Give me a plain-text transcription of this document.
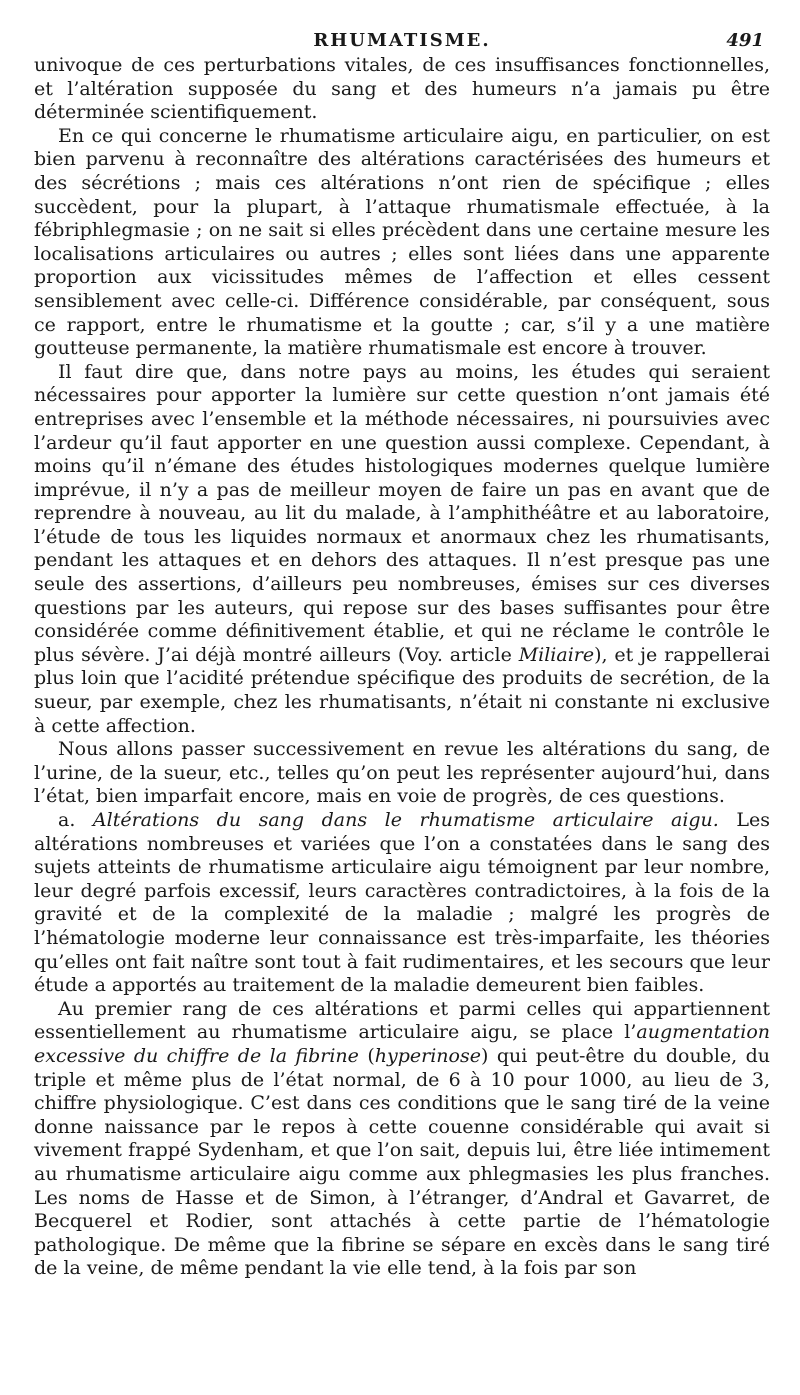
RHUMATISME.	491

univoque de ces perturbations vitales, de ces insuffisances fonctionnelles, et l’altération supposée du sang et des humeurs n’a jamais pu être déterminée scientifiquement.

En ce qui concerne le rhumatisme articulaire aigu, en particulier, on est bien parvenu à reconnaître des altérations caractérisées des humeurs et des sécrétions ; mais ces altérations n’ont rien de spécifique ; elles succèdent, pour la plupart, à l’attaque rhumatismale effectuée, à la fébriphlegmasie ; on ne sait si elles précèdent dans une certaine mesure les localisations articulaires ou autres ; elles sont liées dans une apparente proportion aux vicissitudes mêmes de l’affection et elles cessent sensiblement avec celle-ci. Différence considérable, par conséquent, sous ce rapport, entre le rhumatisme et la goutte ; car, s’il y a une matière goutteuse permanente, la matière rhumatismale est encore à trouver.

Il faut dire que, dans notre pays au moins, les études qui seraient nécessaires pour apporter la lumière sur cette question n’ont jamais été entreprises avec l’ensemble et la méthode nécessaires, ni poursuivies avec l’ardeur qu’il faut apporter en une question aussi complexe. Cependant, à moins qu’il n’émane des études histologiques modernes quelque lumière imprévue, il n’y a pas de meilleur moyen de faire un pas en avant que de reprendre à nouveau, au lit du malade, à l’amphithéâtre et au laboratoire, l’étude de tous les liquides normaux et anormaux chez les rhumatisants, pendant les attaques et en dehors des attaques. Il n’est presque pas une seule des assertions, d’ailleurs peu nombreuses, émises sur ces diverses questions par les auteurs, qui repose sur des bases suffisantes pour être considérée comme définitivement établie, et qui ne réclame le contrôle le plus sévère. J’ai déjà montré ailleurs (Voy. article Miliaire), et je rappellerai plus loin que l’acidité prétendue spécifique des produits de secrétion, de la sueur, par exemple, chez les rhumatisants, n’était ni constante ni exclusive à cette affection.

Nous allons passer successivement en revue les altérations du sang, de l’urine, de la sueur, etc., telles qu’on peut les représenter aujourd’hui, dans l’état, bien imparfait encore, mais en voie de progrès, de ces questions.

a. Altérations du sang dans le rhumatisme articulaire aigu. Les altérations nombreuses et variées que l’on a constatées dans le sang des sujets atteints de rhumatisme articulaire aigu témoignent par leur nombre, leur degré parfois excessif, leurs caractères contradictoires, à la fois de la gravité et de la complexité de la maladie ; malgré les progrès de l’hématologie moderne leur connaissance est très-imparfaite, les théories qu’elles ont fait naître sont tout à fait rudimentaires, et les secours que leur étude a apportés au traitement de la maladie demeurent bien faibles.

Au premier rang de ces altérations et parmi celles qui appartiennent essentiellement au rhumatisme articulaire aigu, se place l’augmentation excessive du chiffre de la fibrine (hyperinose) qui peut-être du double, du triple et même plus de l’état normal, de 6 à 10 pour 1000, au lieu de 3, chiffre physiologique. C’est dans ces conditions que le sang tiré de la veine donne naissance par le repos à cette couenne considérable qui avait si vivement frappé Sydenham, et que l’on sait, depuis lui, être liée intimement au rhumatisme articulaire aigu comme aux phlegmasies les plus franches. Les noms de Hasse et de Simon, à l’étranger, d’Andral et Gavarret, de Becquerel et Rodier, sont attachés à cette partie de l’hématologie pathologique. De même que la fibrine se sépare en excès dans le sang tiré de la veine, de même pendant la vie elle tend, à la fois par son
